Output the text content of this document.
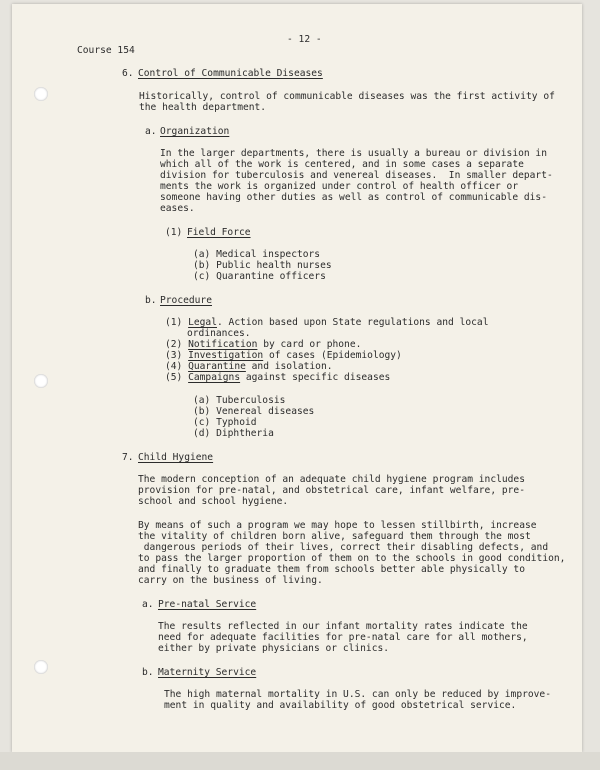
- 12 -
Course 154
6. Control of Communicable Diseases
Historically, control of communicable diseases was the first activity of
the health department.
a. Organization
In the larger departments, there is usually a bureau or division in
which all of the work is centered, and in some cases a separate
division for tuberculosis and venereal diseases.  In smaller depart-
ments the work is organized under control of health officer or
someone having other duties as well as control of communicable dis-
eases.
(1) Field Force
(a) Medical inspectors
(b) Public health nurses
(c) Quarantine officers
b. Procedure
(1) Legal. Action based upon State regulations and local
ordinances.
(2) Notification by card or phone.
(3) Investigation of cases (Epidemiology)
(4) Quarantine and isolation.
(5) Campaigns against specific diseases
(a) Tuberculosis
(b) Venereal diseases
(c) Typhoid
(d) Diphtheria
7. Child Hygiene
The modern conception of an adequate child hygiene program includes
provision for pre-natal, and obstetrical care, infant welfare, pre-
school and school hygiene.
By means of such a program we may hope to lessen stillbirth, increase
the vitality of children born alive, safeguard them through the most
dangerous periods of their lives, correct their disabling defects, and
to pass the larger proportion of them on to the schools in good condition,
and finally to graduate them from schools better able physically to
carry on the business of living.
a. Pre-natal Service
The results reflected in our infant mortality rates indicate the
need for adequate facilities for pre-natal care for all mothers,
either by private physicians or clinics.
b. Maternity Service
The high maternal mortality in U.S. can only be reduced by improve-
ment in quality and availability of good obstetrical service.
